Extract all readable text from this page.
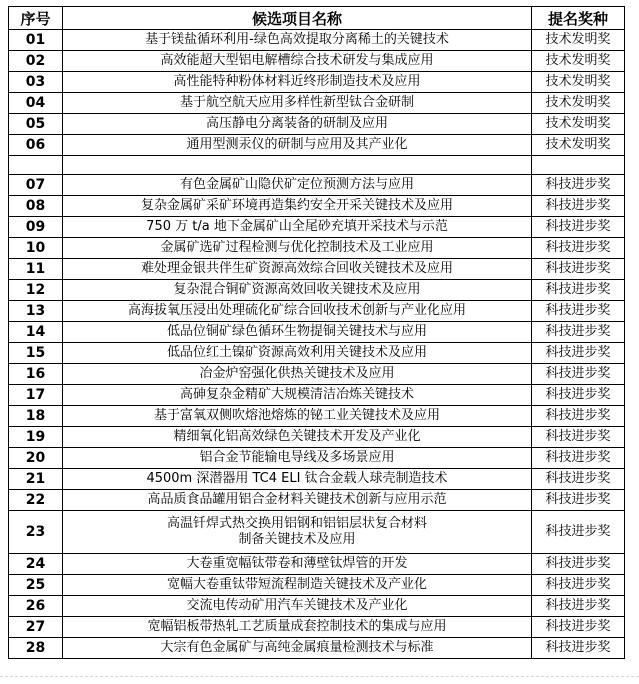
序号	候选项目名称	提名奖种
01	基于镁盐循环利用-绿色高效提取分离稀土的关键技术	技术发明奖
02	高效能超大型铝电解槽综合技术研发与集成应用	技术发明奖
03	高性能特种粉体材料近终形制造技术及应用	技术发明奖
04	基于航空航天应用多样性新型钛合金研制	技术发明奖
05	高压静电分离装备的研制及应用	技术发明奖
06	通用型测汞仪的研制与应用及其产业化	技术发明奖

07	有色金属矿山隐伏矿定位预测方法与应用	科技进步奖
08	复杂金属矿采矿环境再造集约安全开采关键技术及应用	科技进步奖
09	750 万 t/a 地下金属矿山全尾砂充填开采技术与示范	科技进步奖
10	金属矿选矿过程检测与优化控制技术及工业应用	科技进步奖
11	难处理金银共伴生矿资源高效综合回收关键技术及应用	科技进步奖
12	复杂混合铜矿资源高效回收关键技术及应用	科技进步奖
13	高海拔氧压浸出处理硫化矿综合回收技术创新与产业化应用	科技进步奖
14	低品位铜矿绿色循环生物提铜关键技术与应用	科技进步奖
15	低品位红土镍矿资源高效利用关键技术及应用	科技进步奖
16	冶金炉窑强化供热关键技术及应用	科技进步奖
17	高砷复杂金精矿大规模清洁冶炼关键技术	科技进步奖
18	基于富氧双侧吹熔池熔炼的铋工业关键技术及应用	科技进步奖
19	精细氧化铝高效绿色关键技术开发及产业化	科技进步奖
20	铝合金节能输电导线及多场景应用	科技进步奖
21	4500m 深潜器用 TC4 ELI 钛合金载人球壳制造技术	科技进步奖
22	高品质食品罐用铝合金材料关键技术创新与应用示范	科技进步奖
23	高温钎焊式热交换用铝钢和铝铝层状复合材料
制备关键技术及应用	科技进步奖
24	大卷重宽幅钛带卷和薄壁钛焊管的开发	科技进步奖
25	宽幅大卷重钛带短流程制造关键技术及产业化	科技进步奖
26	交流电传动矿用汽车关键技术及产业化	科技进步奖
27	宽幅铝板带热轧工艺质量成套控制技术的集成与应用	科技进步奖
28	大宗有色金属矿与高纯金属痕量检测技术与标准	科技进步奖
